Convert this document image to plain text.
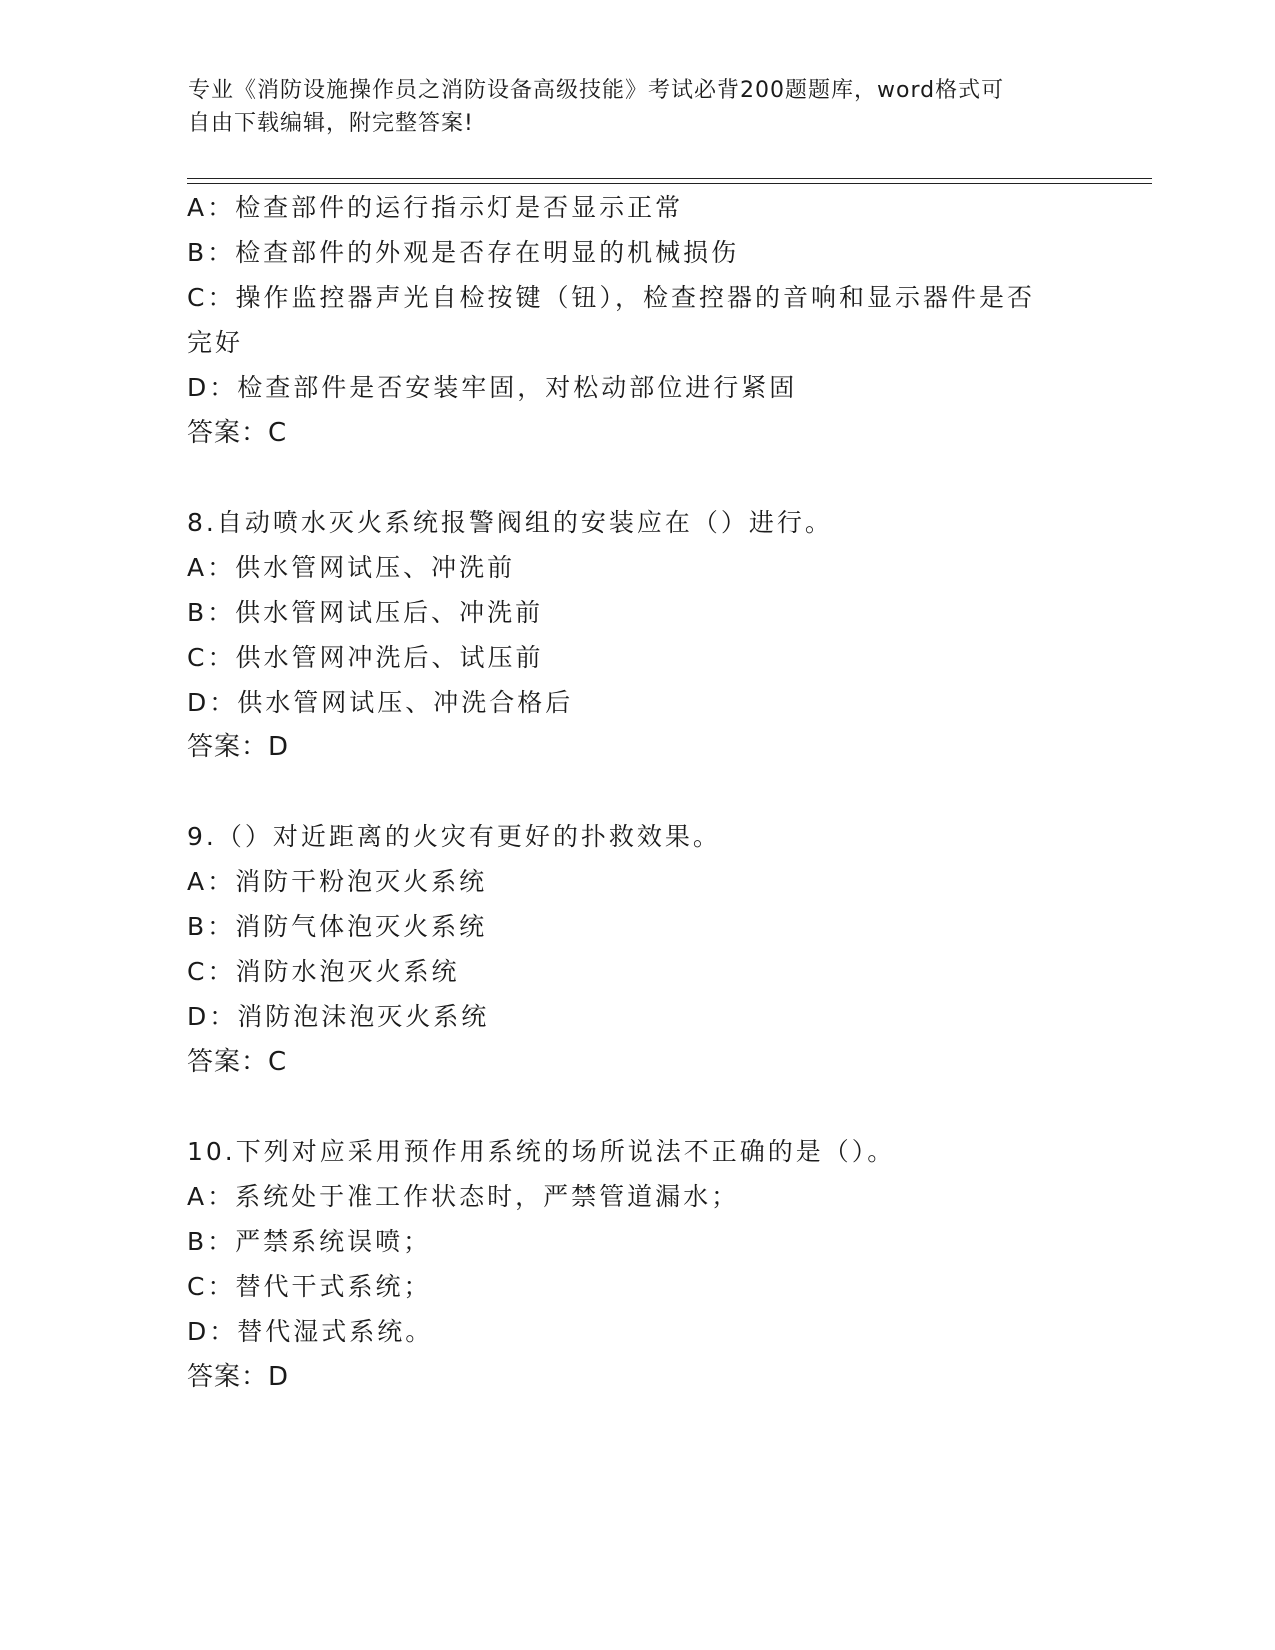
专业《消防设施操作员之消防设备高级技能》考试必背200题题库，word格式可
自由下载编辑，附完整答案!
A：检查部件的运行指示灯是否显示正常
B：检查部件的外观是否存在明显的机械损伤
C：操作监控器声光自检按键（钮），检查控器的音响和显示器件是否
完好
D：检查部件是否安装牢固，对松动部位进行紧固
答案：C
8.自动喷水灭火系统报警阀组的安装应在（）进行。
A：供水管网试压、冲洗前
B：供水管网试压后、冲洗前
C：供水管网冲洗后、试压前
D：供水管网试压、冲洗合格后
答案：D
9.（）对近距离的火灾有更好的扑救效果。
A：消防干粉泡灭火系统
B：消防气体泡灭火系统
C：消防水泡灭火系统
D：消防泡沫泡灭火系统
答案：C
10.下列对应采用预作用系统的场所说法不正确的是（）。
A：系统处于准工作状态时，严禁管道漏水；
B：严禁系统误喷；
C：替代干式系统；
D：替代湿式系统。
答案：D
